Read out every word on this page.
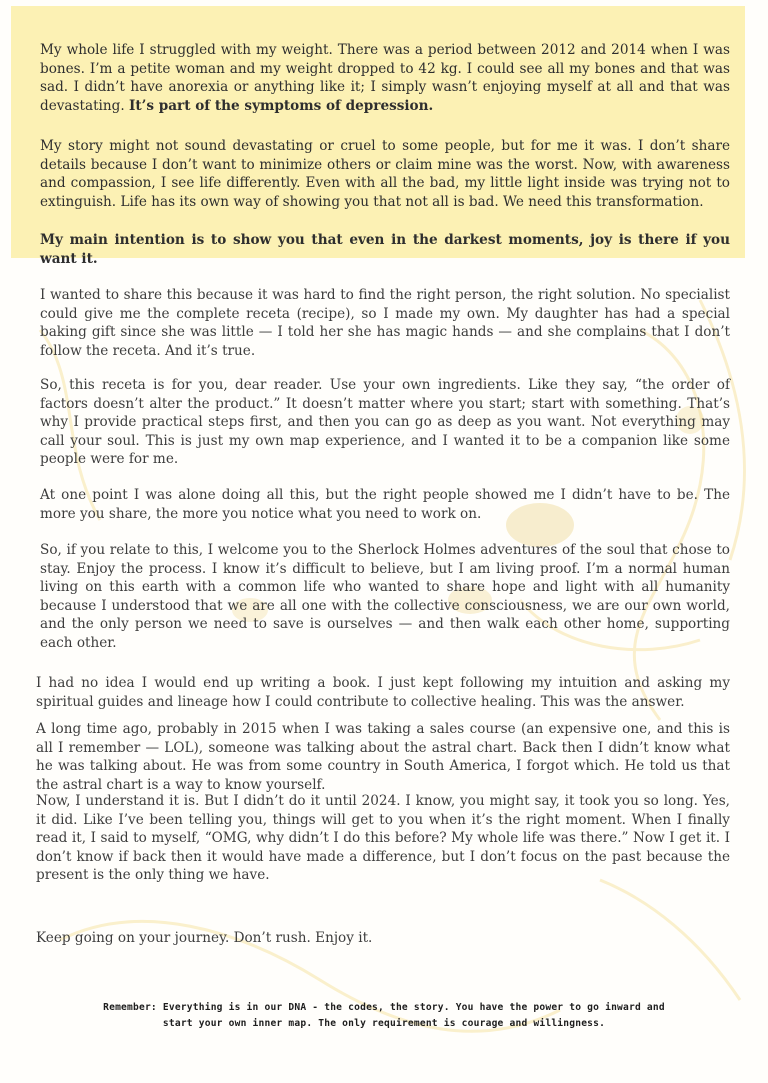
My whole life I struggled with my weight. There was a period between 2012 and 2014 when I was bones. I’m a petite woman and my weight dropped to 42 kg. I could see all my bones and that was sad. I didn’t have anorexia or anything like it; I simply wasn’t enjoying myself at all and that was devastating. It’s part of the symptoms of depression.

My story might not sound devastating or cruel to some people, but for me it was. I don’t share details because I don’t want to minimize others or claim mine was the worst. Now, with awareness and compassion, I see life differently. Even with all the bad, my little light inside was trying not to extinguish. Life has its own way of showing you that not all is bad. We need this transformation.

My main intention is to show you that even in the darkest moments, joy is there if you want it.

I wanted to share this because it was hard to find the right person, the right solution. No specialist could give me the complete receta (recipe), so I made my own. My daughter has had a special baking gift since she was little — I told her she has magic hands — and she complains that I don’t follow the receta. And it’s true.

So, this receta is for you, dear reader. Use your own ingredients. Like they say, “the order of factors doesn’t alter the product.” It doesn’t matter where you start; start with something. That’s why I provide practical steps first, and then you can go as deep as you want. Not everything may call your soul. This is just my own map experience, and I wanted it to be a companion like some people were for me.

At one point I was alone doing all this, but the right people showed me I didn’t have to be. The more you share, the more you notice what you need to work on.

So, if you relate to this, I welcome you to the Sherlock Holmes adventures of the soul that chose to stay. Enjoy the process. I know it’s difficult to believe, but I am living proof. I’m a normal human living on this earth with a common life who wanted to share hope and light with all humanity because I understood that we are all one with the collective consciousness, we are our own world, and the only person we need to save is ourselves — and then walk each other home, supporting each other.

I had no idea I would end up writing a book. I just kept following my intuition and asking my spiritual guides and lineage how I could contribute to collective healing. This was the answer.

A long time ago, probably in 2015 when I was taking a sales course (an expensive one, and this is all I remember — LOL), someone was talking about the astral chart. Back then I didn’t know what he was talking about. He was from some country in South America, I forgot which. He told us that the astral chart is a way to know yourself.

Now, I understand it is. But I didn’t do it until 2024. I know, you might say, it took you so long. Yes, it did. Like I’ve been telling you, things will get to you when it’s the right moment. When I finally read it, I said to myself, “OMG, why didn’t I do this before? My whole life was there.” Now I get it. I don’t know if back then it would have made a difference, but I don’t focus on the past because the present is the only thing we have.

Keep going on your journey. Don’t rush. Enjoy it.

Remember: Everything is in our DNA - the codes, the story. You have the power to go inward and
start your own inner map. The only requirement is courage and willingness.
